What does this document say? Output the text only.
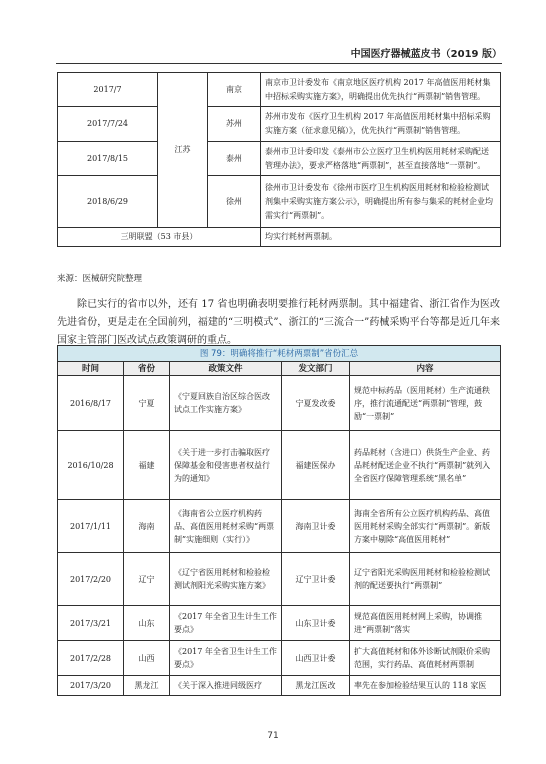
中国医疗器械蓝皮书（2019 版）
2017/7	江苏	南京	南京市卫计委发布《南京地区医疗机构 2017 年高值医用耗材集中招标采购实施方案》，明确提出优先执行“两票制”销售管理。
2017/7/24		苏州	苏州市发布《医疗卫生机构 2017 年高值医用耗材集中招标采购实施方案（征求意见稿）》，优先执行“两票制”销售管理。
2017/8/15		泰州	泰州市卫计委印发《泰州市公立医疗卫生机构医用耗材采购配送管理办法》，要求严格落地“两票制”，甚至直接落地“一票制”。
2018/6/29		徐州	徐州市卫计委发布《徐州市医疗卫生机构医用耗材和检验检测试剂集中采购实施方案公示》，明确提出所有参与集采的耗材企业均需实行“两票制”。
三明联盟（53 市县）			均实行耗材两票制。
来源：医械研究院整理

除已实行的省市以外，还有 17 省也明确表明要推行耗材两票制。其中福建省、浙江省作为医改先进省份，更是走在全国前列，福建的“三明模式”、浙江的“三流合一”药械采购平台等都是近几年来国家主管部门医改试点政策调研的重点。

图 79：明确将推行“耗材两票制”省份汇总				
时间	省份	政策文件	发文部门	内容
2016/8/17	宁夏	《宁夏回族自治区综合医改试点工作实施方案》	宁夏发改委	规范中标药品（医用耗材）生产流通秩序，推行流通配送“两票制”管理，鼓励“一票制”
2016/10/28	福建	《关于进一步打击骗取医疗保障基金和侵害患者权益行为的通知》	福建医保办	药品耗材（含进口）供货生产企业、药品耗材配送企业不执行“两票制”就列入全省医疗保障管理系统“黑名单”
2017/1/11	海南	《海南省公立医疗机构药品、高值医用耗材采购“两票制”实施细则（实行）》	海南卫计委	海南全省所有公立医疗机构药品、高值医用耗材采购全部实行“两票制”。新版方案中剔除“高值医用耗材”
2017/2/20	辽宁	《辽宁省医用耗材和检验检测试剂阳光采购实施方案》	辽宁卫计委	辽宁省阳光采购医用耗材和检验检测试剂的配送要执行“两票制”
2017/3/21	山东	《2017 年全省卫生计生工作要点》	山东卫计委	规范高值医用耗材网上采购，协调推进“两票制”落实
2017/2/28	山西	《2017 年全省卫生计生工作要点》	山西卫计委	扩大高值耗材和体外诊断试剂限价采购范围，实行药品、高值耗材两票制
2017/3/20	黑龙江	《关于深入推进同级医疗	黑龙江医改	率先在参加检验结果互认的 118 家医
71
